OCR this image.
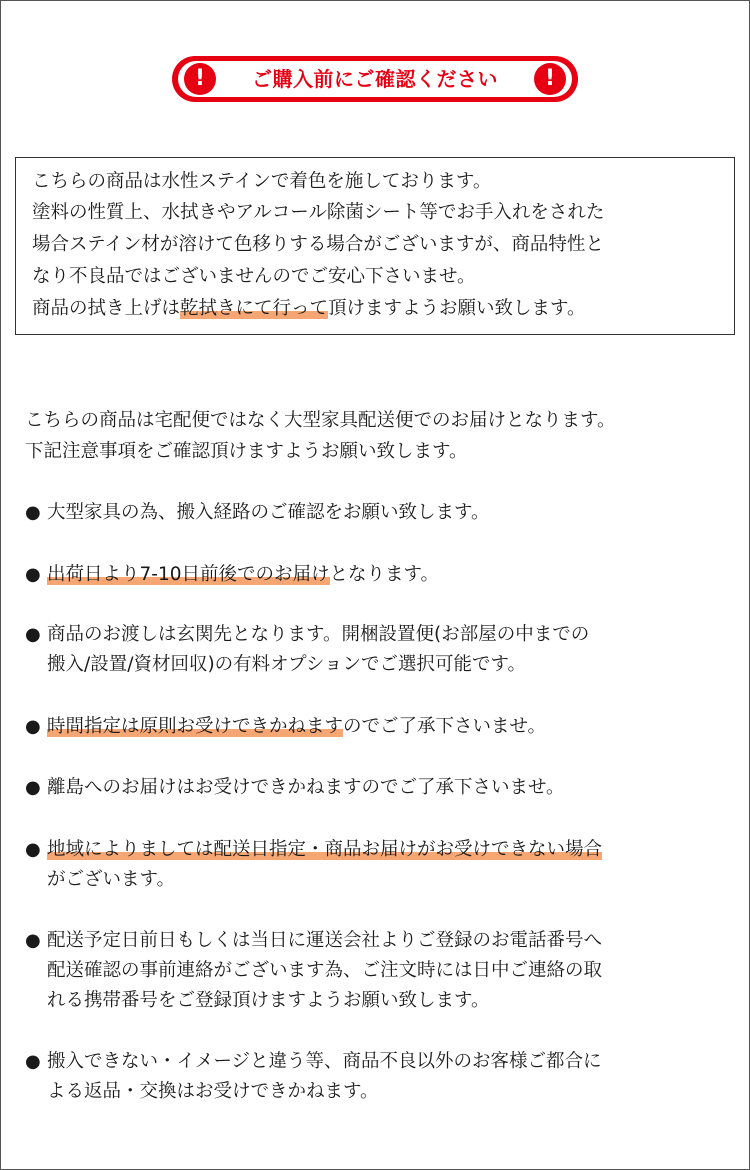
!	ご購入前にご確認ください	!
こちらの商品は水性ステインで着色を施しております。
塗料の性質上、水拭きやアルコール除菌シート等でお手入れをされた
場合ステイン材が溶けて色移りする場合がございますが、商品特性と
なり不良品ではございませんのでご安心下さいませ。
商品の拭き上げは乾拭きにて行って頂けますようお願い致します。
こちらの商品は宅配便ではなく大型家具配送便でのお届けとなります。
下記注意事項をご確認頂けますようお願い致します。
● 大型家具の為、搬入経路のご確認をお願い致します。
● 出荷日より7-10日前後でのお届けとなります。
● 商品のお渡しは玄関先となります。開梱設置便(お部屋の中までの
搬入/設置/資材回収)の有料オプションでご選択可能です。
● 時間指定は原則お受けできかねますのでご了承下さいませ。
● 離島へのお届けはお受けできかねますのでご了承下さいませ。
● 地域によりましては配送日指定・商品お届けがお受けできない場合
がございます。
● 配送予定日前日もしくは当日に運送会社よりご登録のお電話番号へ
配送確認の事前連絡がございます為、ご注文時には日中ご連絡の取
れる携帯番号をご登録頂けますようお願い致します。
● 搬入できない・イメージと違う等、商品不良以外のお客様ご都合に
よる返品・交換はお受けできかねます。
